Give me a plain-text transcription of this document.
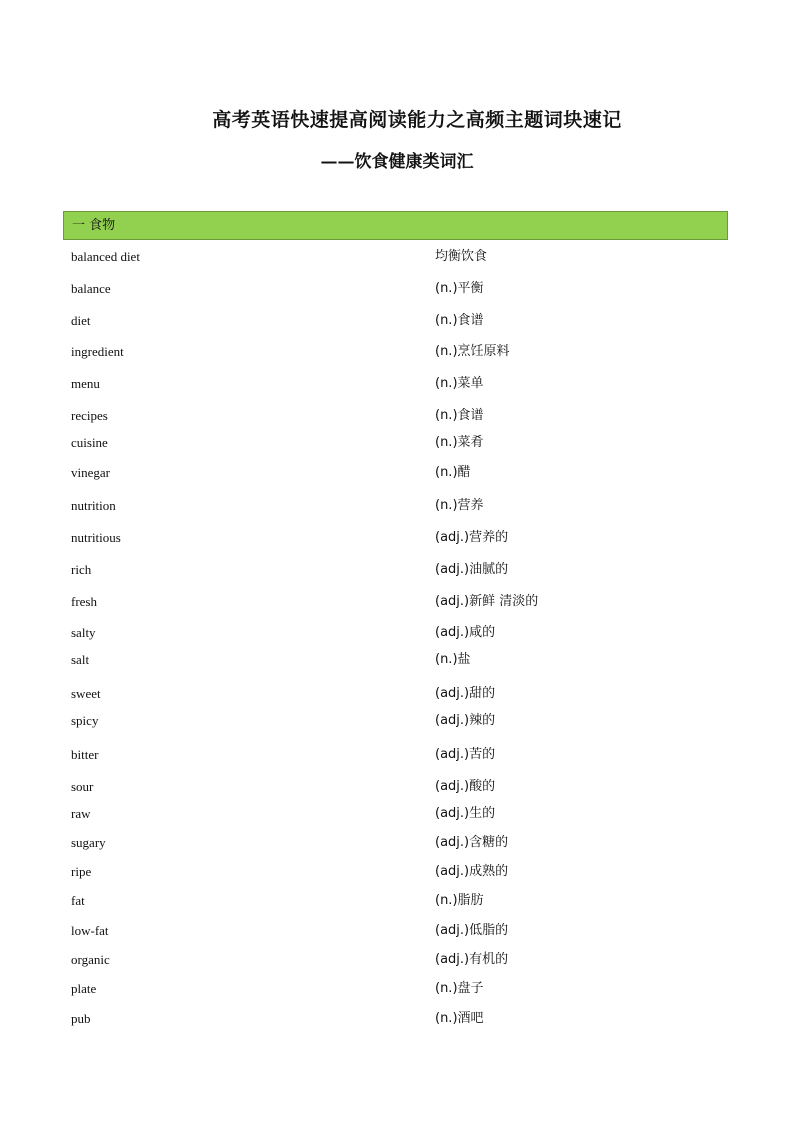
高考英语快速提高阅读能力之高频主题词块速记
——饮食健康类词汇
一 食物
balanced diet	均衡饮食
balance	(n.)平衡
diet	(n.)食谱
ingredient	(n.)烹饪原料
menu	(n.)菜单
recipes	(n.)食谱
cuisine	(n.)菜肴
vinegar	(n.)醋
nutrition	(n.)营养
nutritious	(adj.)营养的
rich	(adj.)油腻的
fresh	(adj.)新鲜 清淡的
salty	(adj.)咸的
salt	(n.)盐
sweet	(adj.)甜的
spicy	(adj.)辣的
bitter	(adj.)苦的
sour	(adj.)酸的
raw	(adj.)生的
sugary	(adj.)含糖的
ripe	(adj.)成熟的
fat	(n.)脂肪
low-fat	(adj.)低脂的
organic	(adj.)有机的
plate	(n.)盘子
pub	(n.)酒吧
